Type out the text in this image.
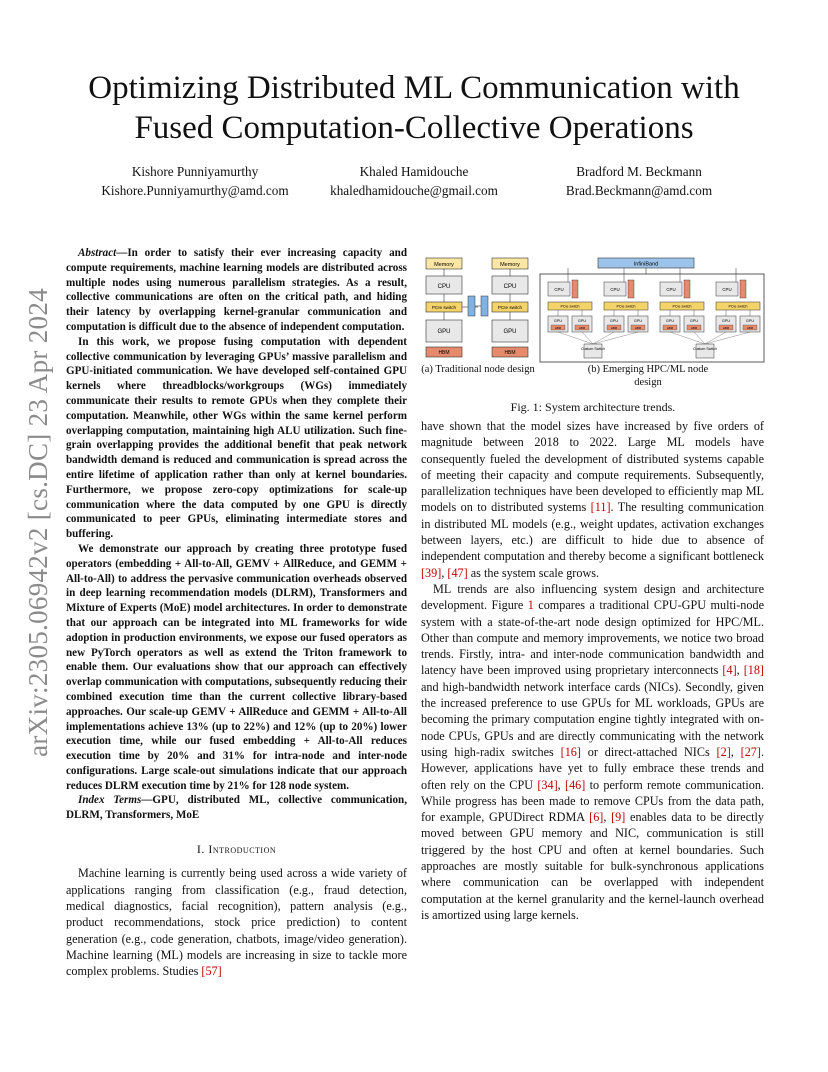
arXiv:2305.06942v2 [cs.DC] 23 Apr 2024
Optimizing Distributed ML Communication with Fused Computation-Collective Operations
Kishore Punniyamurthy
Kishore.Punniyamurthy@amd.com
Khaled Hamidouche
khaledhamidouche@gmail.com
Bradford M. Beckmann
Brad.Beckmann@amd.com

Abstract—In order to satisfy their ever increasing capacity and compute requirements, machine learning models are distributed across multiple nodes using numerous parallelism strategies. As a result, collective communications are often on the critical path, and hiding their latency by overlapping kernel-granular communication and computation is difficult due to the absence of independent computation.

In this work, we propose fusing computation with dependent collective communication by leveraging GPUs’ massive parallelism and GPU-initiated communication. We have developed self-contained GPU kernels where threadblocks/workgroups (WGs) immediately communicate their results to remote GPUs when they complete their computation. Meanwhile, other WGs within the same kernel perform overlapping computation, maintaining high ALU utilization. Such fine-grain overlapping provides the additional benefit that peak network bandwidth demand is reduced and communication is spread across the entire lifetime of application rather than only at kernel boundaries. Furthermore, we propose zero-copy optimizations for scale-up communication where the data computed by one GPU is directly communicated to peer GPUs, eliminating intermediate stores and buffering.

We demonstrate our approach by creating three prototype fused operators (embedding + All-to-All, GEMV + AllReduce, and GEMM + All-to-All) to address the pervasive communication overheads observed in deep learning recommendation models (DLRM), Transformers and Mixture of Experts (MoE) model architectures. In order to demonstrate that our approach can be integrated into ML frameworks for wide adoption in production environments, we expose our fused operators as new PyTorch operators as well as extend the Triton framework to enable them. Our evaluations show that our approach can effectively overlap communication with computations, subsequently reducing their combined execution time than the current collective library-based approaches. Our scale-up GEMV + AllReduce and GEMM + All-to-All implementations achieve 13% (up to 22%) and 12% (up to 20%) lower execution time, while our fused embedding + All-to-All reduces execution time by 20% and 31% for intra-node and inter-node configurations. Large scale-out simulations indicate that our approach reduces DLRM execution time by 21% for 128 node system.

Index Terms—GPU, distributed ML, collective communication, DLRM, Transformers, MoE

I. Introduction

Machine learning is currently being used across a wide variety of applications ranging from classification (e.g., fraud detection, medical diagnostics, facial recognition), pattern analysis (e.g., product recommendations, stock price prediction) to content generation (e.g., code generation, chatbots, image/video generation). Machine learning (ML) models are increasing in size to tackle more complex problems. Studies [57]

Memory
CPU
PCIe switch
GPU
HBM
Memory
CPU
PCIe switch
GPU
HBM
InfiniBand
CPU
PCIe switch
GPU
HBM
GPU
HBM
CPU
PCIe switch
GPU
HBM
GPU
HBM
CPU
PCIe switch
GPU
HBM
GPU
HBM
CPU
PCIe switch
GPU
HBM
GPU
HBM
Custom Switch	Custom Switch
(a) Traditional node design	(b) Emerging HPC/ML node design
Fig. 1: System architecture trends.

have shown that the model sizes have increased by five orders of magnitude between 2018 to 2022. Large ML models have consequently fueled the development of distributed systems capable of meeting their capacity and compute requirements. Subsequently, parallelization techniques have been developed to efficiently map ML models on to distributed systems [11]. The resulting communication in distributed ML models (e.g., weight updates, activation exchanges between layers, etc.) are difficult to hide due to absence of independent computation and thereby become a significant bottleneck [39], [47] as the system scale grows.

ML trends are also influencing system design and architecture development. Figure 1 compares a traditional CPU-GPU multi-node system with a state-of-the-art node design optimized for HPC/ML. Other than compute and memory improvements, we notice two broad trends. Firstly, intra- and inter-node communication bandwidth and latency have been improved using proprietary interconnects [4], [18] and high-bandwidth network interface cards (NICs). Secondly, given the increased preference to use GPUs for ML workloads, GPUs are becoming the primary computation engine tightly integrated with on-node CPUs, GPUs and are directly communicating with the network using high-radix switches [16] or direct-attached NICs [2], [27]. However, applications have yet to fully embrace these trends and often rely on the CPU [34], [46] to perform remote communication. While progress has been made to remove CPUs from the data path, for example, GPUDirect RDMA [6], [9] enables data to be directly moved between GPU memory and NIC, communication is still triggered by the host CPU and often at kernel boundaries. Such approaches are mostly suitable for bulk-synchronous applications where communication can be overlapped with independent computation at the kernel granularity and the kernel-launch overhead is amortized using large kernels.
